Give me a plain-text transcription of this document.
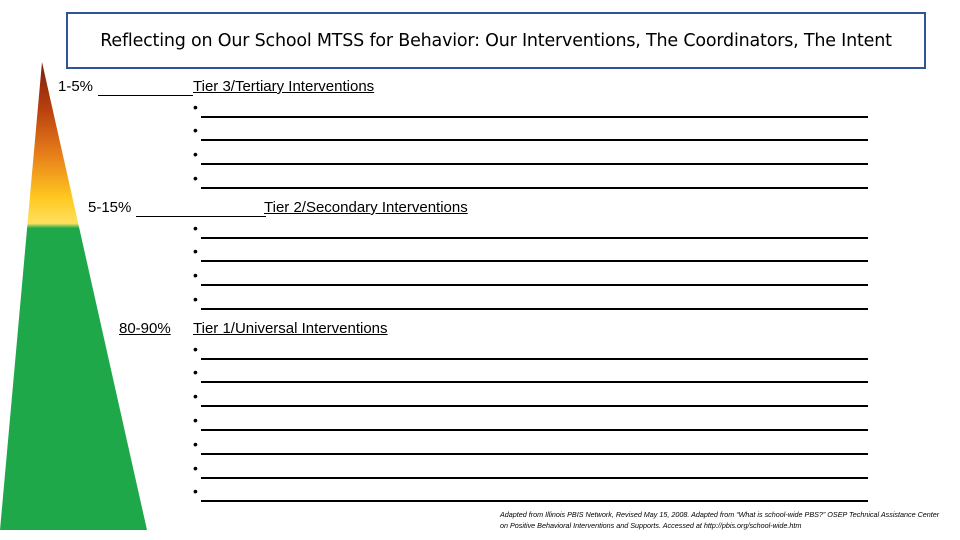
Reflecting on Our School MTSS for Behavior: Our Interventions, The Coordinators, The Intent
1-5%	Tier 3/Tertiary Interventions
•
•
•
•
5-15%	Tier 2/Secondary Interventions
•
•
•
•
80-90% Tier 1/Universal Interventions
•
•
•
•
•
•
•
Adapted from Illinois PBIS Network, Revised May 15, 2008. Adapted from “What is school-wide PBS?” OSEP Technical Assistance Center on Positive Behavioral Interventions and Supports. Accessed at http://pbis.org/school-wide.htm
